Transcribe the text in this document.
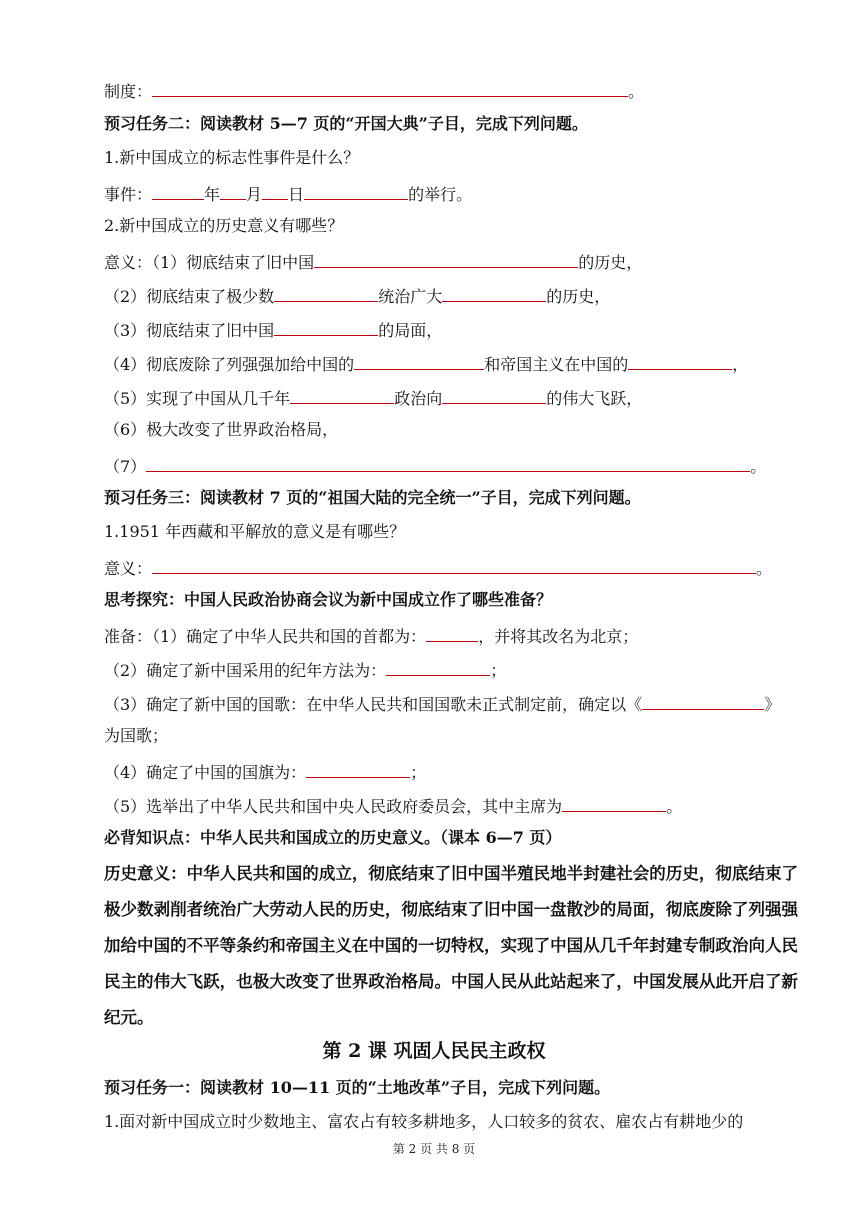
制度：	。
预习任务二：阅读教材 5—7 页的“开国大典”子目，完成下列问题。
1.新中国成立的标志性事件是什么？
事件：	年 月 日	的举行。
2.新中国成立的历史意义有哪些？
意义：（1）彻底结束了旧中国	的历史，
（2）彻底结束了极少数	统治广大	的历史，
（3）彻底结束了旧中国	的局面，
（4）彻底废除了列强强加给中国的	和帝国主义在中国的	，
（5）实现了中国从几千年	政治向	的伟大飞跃，
（6）极大改变了世界政治格局，
（7）	。
预习任务三：阅读教材 7 页的“祖国大陆的完全统一”子目，完成下列问题。
1.1951 年西藏和平解放的意义是有哪些？
意义：	。
思考探究：中国人民政治协商会议为新中国成立作了哪些准备？
准备：（1）确定了中华人民共和国的首都为：	，并将其改名为北京；
（2）确定了新中国采用的纪年方法为：	；
（3）确定了新中国的国歌：在中华人民共和国国歌未正式制定前，确定以《	》
为国歌；
（4）确定了中国的国旗为：	；
（5）选举出了中华人民共和国中央人民政府委员会，其中主席为	。
必背知识点：中华人民共和国成立的历史意义。（课本 6—7 页）
历史意义：中华人民共和国的成立，彻底结束了旧中国半殖民地半封建社会的历史，彻底结束了极少数剥削者统治广大劳动人民的历史，彻底结束了旧中国一盘散沙的局面，彻底废除了列强强加给中国的不平等条约和帝国主义在中国的一切特权，实现了中国从几千年封建专制政治向人民民主的伟大飞跃，也极大改变了世界政治格局。中国人民从此站起来了，中国发展从此开启了新纪元。
第 2 课 巩固人民民主政权
预习任务一：阅读教材 10—11 页的“土地改革”子目，完成下列问题。
1.面对新中国成立时少数地主、富农占有较多耕地多，人口较多的贫农、雇农占有耕地少的
第 2 页 共 8 页
